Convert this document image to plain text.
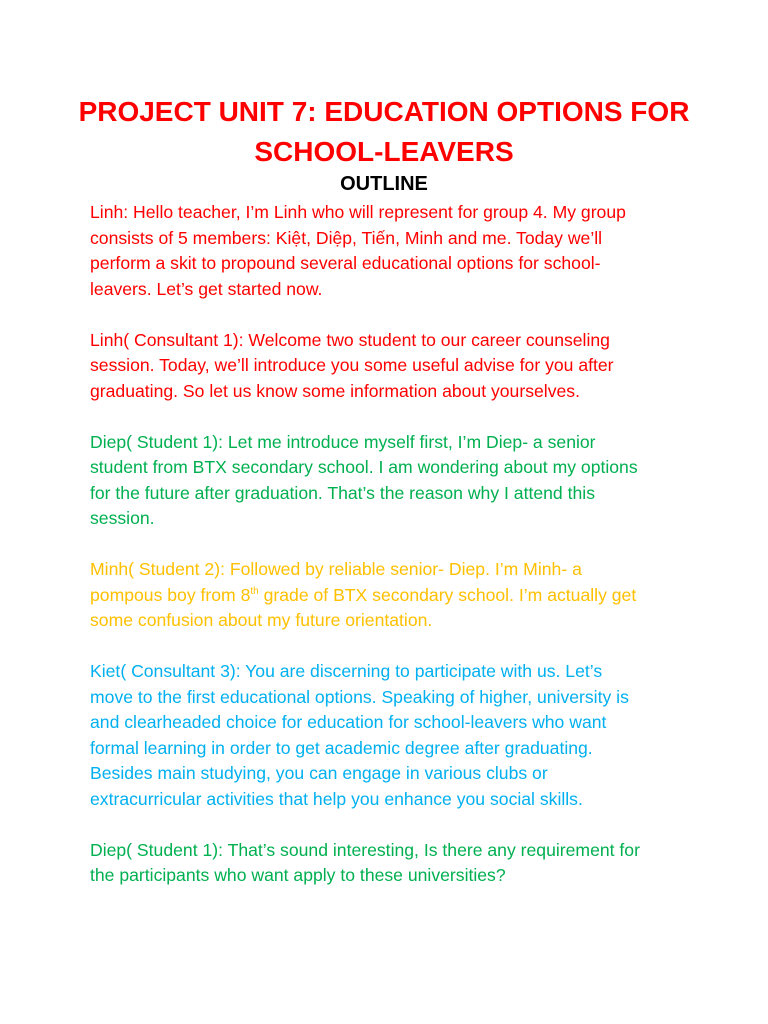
PROJECT UNIT 7: EDUCATION OPTIONS FOR
SCHOOL-LEAVERS
OUTLINE

Linh: Hello teacher, I’m Linh who will represent for group 4. My group
consists of 5 members: Kiệt, Diệp, Tiến, Minh and me. Today we’ll
perform a skit to propound several educational options for school-
leavers. Let’s get started now.

Linh( Consultant 1): Welcome two student to our career counseling
session. Today, we’ll introduce you some useful advise for you after
graduating. So let us know some information about yourselves.

Diep( Student 1): Let me introduce myself first, I’m Diep- a senior
student from BTX secondary school. I am wondering about my options
for the future after graduation. That’s the reason why I attend this
session.

Minh( Student 2): Followed by reliable senior- Diep. I’m Minh- a
pompous boy from 8th grade of BTX secondary school. I’m actually get
some confusion about my future orientation.

Kiet( Consultant 3): You are discerning to participate with us. Let’s
move to the first educational options. Speaking of higher, university is
and clearheaded choice for education for school-leavers who want
formal learning in order to get academic degree after graduating.
Besides main studying, you can engage in various clubs or
extracurricular activities that help you enhance you social skills.

Diep( Student 1): That’s sound interesting, Is there any requirement for
the participants who want apply to these universities?
